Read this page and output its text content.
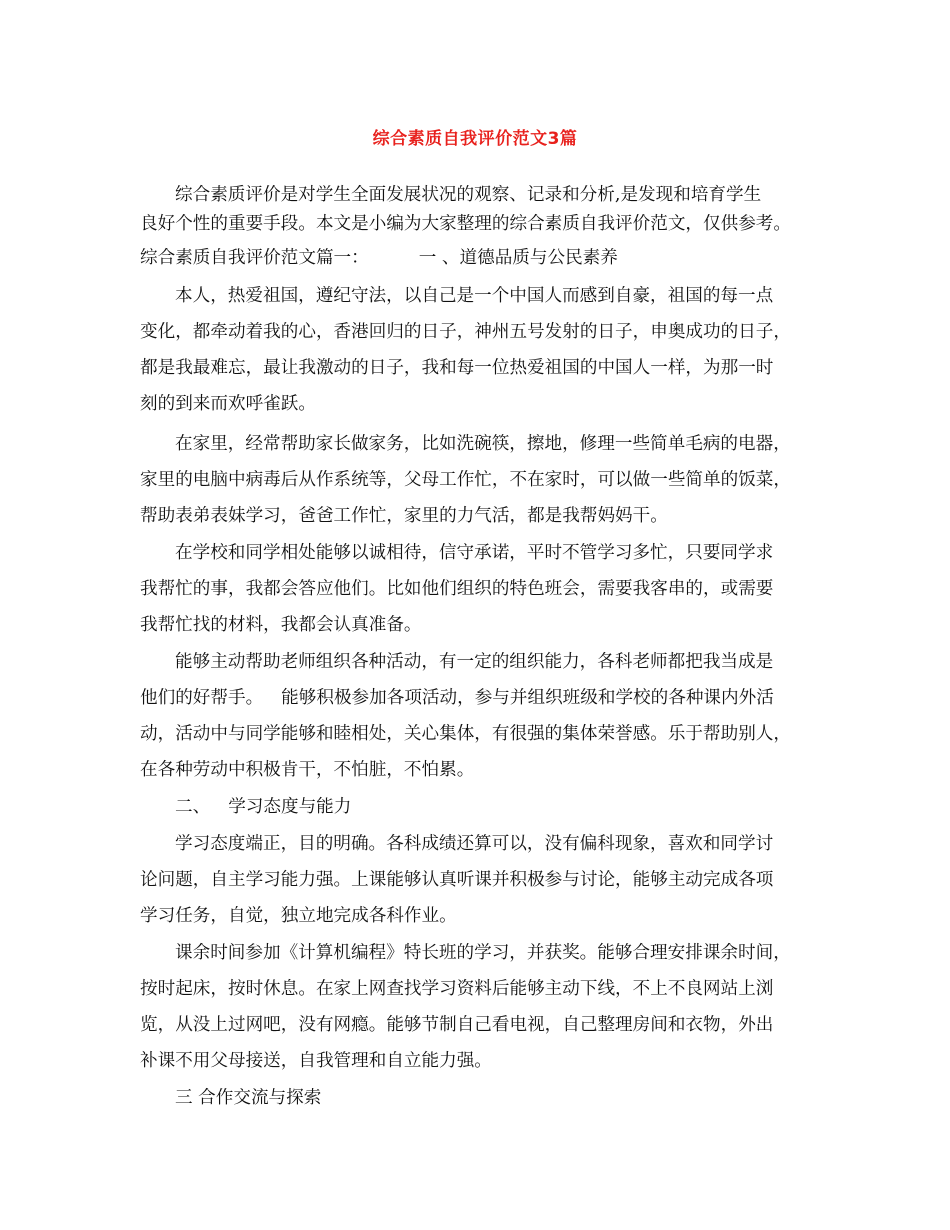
综合素质自我评价范文3篇
综合素质评价是对学生全面发展状况的观察、记录和分析,是发现和培育学生
良好个性的重要手段。本文是小编为大家整理的综合素质自我评价范文，仅供参考。
综合素质自我评价范文篇一：	一 、道德品质与公民素养
本人，热爱祖国，遵纪守法，以自己是一个中国人而感到自豪，祖国的每一点
变化，都牵动着我的心，香港回归的日子，神州五号发射的日子，申奥成功的日子，
都是我最难忘，最让我激动的日子，我和每一位热爱祖国的中国人一样，为那一时
刻的到来而欢呼雀跃。
在家里，经常帮助家长做家务，比如洗碗筷，擦地，修理一些简单毛病的电器，
家里的电脑中病毒后从作系统等，父母工作忙，不在家时，可以做一些简单的饭菜，
帮助表弟表妹学习，爸爸工作忙，家里的力气活，都是我帮妈妈干。
在学校和同学相处能够以诚相待，信守承诺，平时不管学习多忙，只要同学求
我帮忙的事，我都会答应他们。比如他们组织的特色班会，需要我客串的，或需要
我帮忙找的材料，我都会认真准备。
能够主动帮助老师组织各种活动，有一定的组织能力，各科老师都把我当成是
他们的好帮手。 能够积极参加各项活动，参与并组织班级和学校的各种课内外活
动，活动中与同学能够和睦相处，关心集体，有很强的集体荣誉感。乐于帮助别人，
在各种劳动中积极肯干，不怕脏，不怕累。
二、 学习态度与能力
学习态度端正，目的明确。各科成绩还算可以，没有偏科现象，喜欢和同学讨
论问题，自主学习能力强。上课能够认真听课并积极参与讨论，能够主动完成各项
学习任务，自觉，独立地完成各科作业。
课余时间参加《计算机编程》特长班的学习，并获奖。能够合理安排课余时间，
按时起床，按时休息。在家上网查找学习资料后能够主动下线，不上不良网站上浏
览，从没上过网吧，没有网瘾。能够节制自己看电视，自己整理房间和衣物，外出
补课不用父母接送，自我管理和自立能力强。
三 合作交流与探索
